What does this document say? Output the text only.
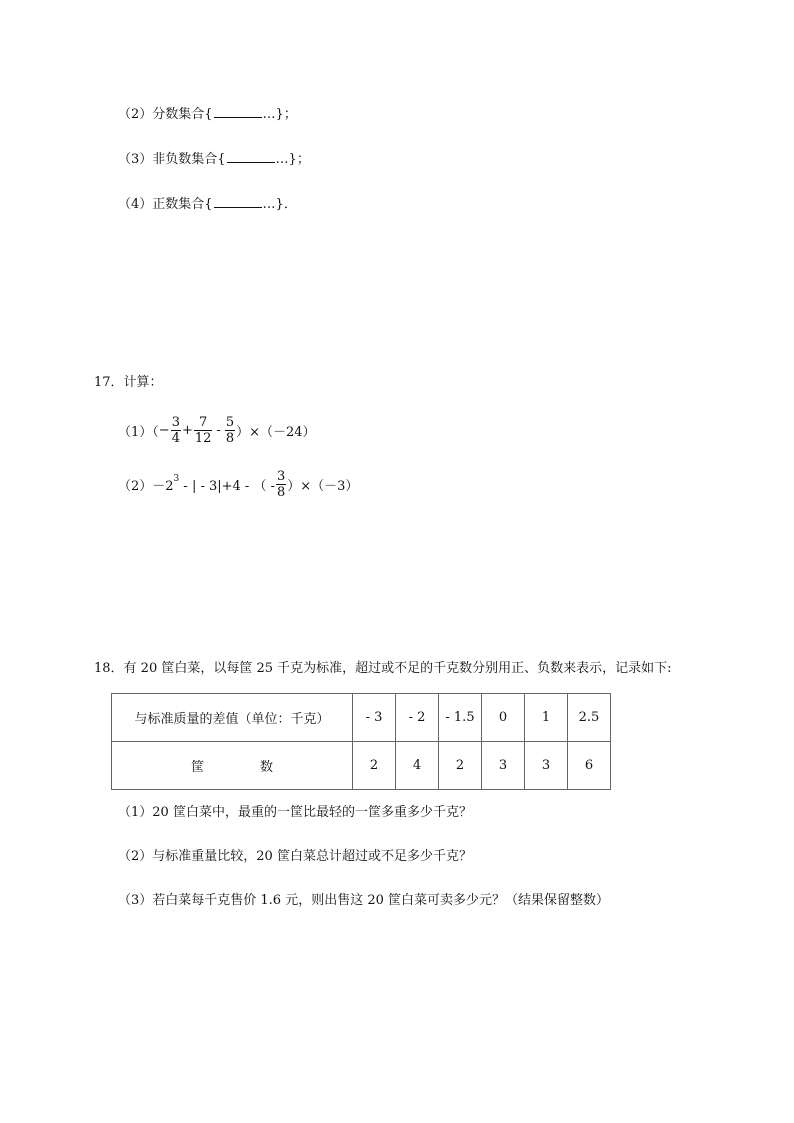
（2）分数集合{	…}；
（3）非负数集合{	…}；
（4）正数集合{	…}．
17．计算：
$(1)( - \frac{3}{4} + \frac{7}{12} - \frac{5}{8} )\times(-24)$
$(2)-2^3$ - | - 3|+4 - （ - $\frac{3}{8} )\times(-3)$
18．有 20 筐白菜，以每筐 25 千克为标准，超过或不足的千克数分别用正、负数来表示，记录如下:
与标准质量的差值（单位：千克）	- 3	- 2	- 1.5	0	1	2.5
筐 数	2	4	2	3	3	6
（1）20 筐白菜中，最重的一筐比最轻的一筐多重多少千克？
（2）与标准重量比较，20 筐白菜总计超过或不足多少千克？
（3）若白菜每千克售价 1.6 元，则出售这 20 筐白菜可卖多少元？（结果保留整数）
